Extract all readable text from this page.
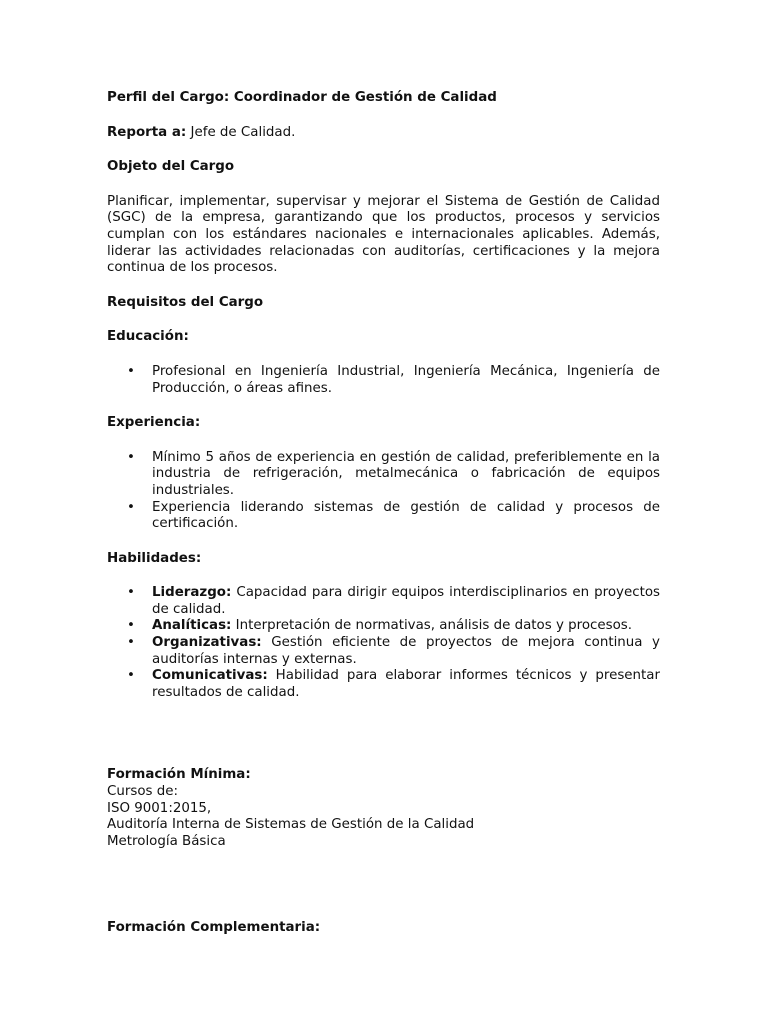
Perfil del Cargo: Coordinador de Gestión de Calidad

Reporta a: Jefe de Calidad.

Objeto del Cargo

Planificar, implementar, supervisar y mejorar el Sistema de Gestión de Calidad (SGC) de la empresa, garantizando que los productos, procesos y servicios cumplan con los estándares nacionales e internacionales aplicables. Además, liderar las actividades relacionadas con auditorías, certificaciones y la mejora continua de los procesos.

Requisitos del Cargo

Educación:

• Profesional en Ingeniería Industrial, Ingeniería Mecánica, Ingeniería de Producción, o áreas afines.

Experiencia:

• Mínimo 5 años de experiencia en gestión de calidad, preferiblemente en la industria de refrigeración, metalmecánica o fabricación de equipos industriales.
• Experiencia liderando sistemas de gestión de calidad y procesos de certificación.

Habilidades:

• Liderazgo: Capacidad para dirigir equipos interdisciplinarios en proyectos de calidad.
• Analíticas: Interpretación de normativas, análisis de datos y procesos.
• Organizativas: Gestión eficiente de proyectos de mejora continua y auditorías internas y externas.
• Comunicativas: Habilidad para elaborar informes técnicos y presentar resultados de calidad.

Formación Mínima:

Cursos de:

ISO 9001:2015,

Auditoría Interna de Sistemas de Gestión de la Calidad

Metrología Básica

Formación Complementaria:
